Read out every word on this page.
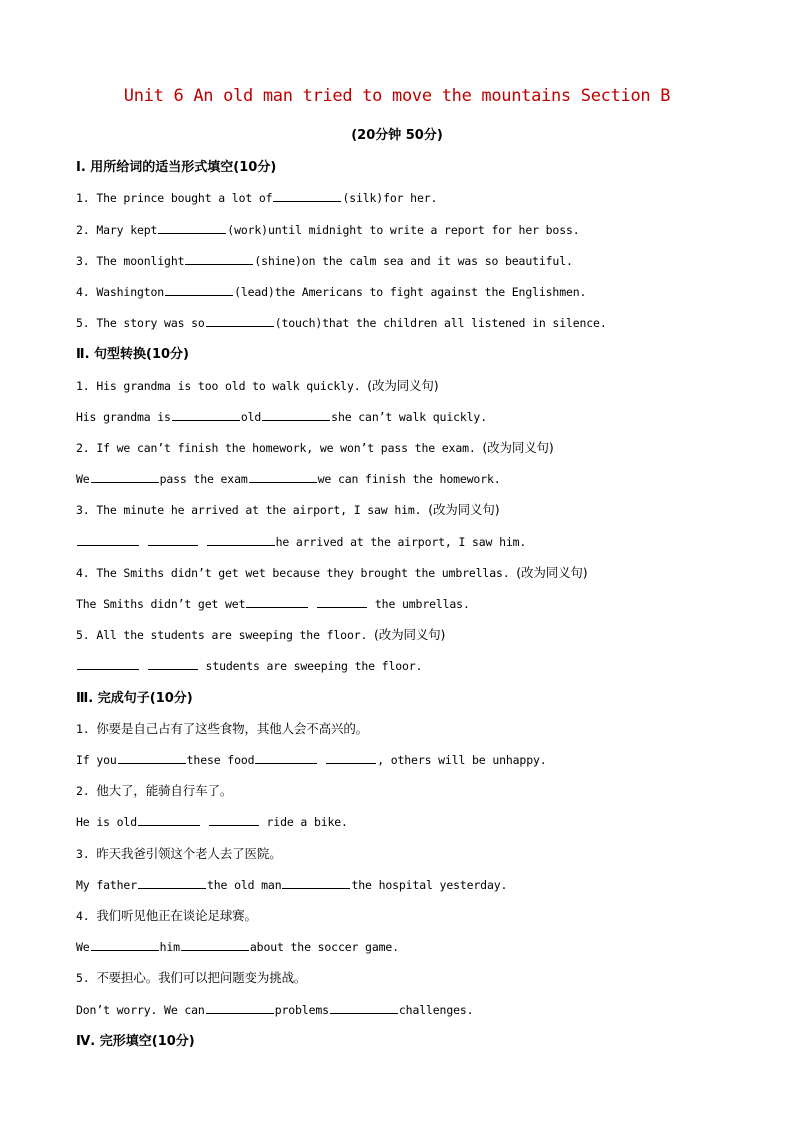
Unit 6 An old man tried to move the mountains Section B
(20分钟 50分)
Ⅰ. 用所给词的适当形式填空(10分)
1. The prince bought a lot of	(silk)for her.
2. Mary kept	(work)until midnight to write a report for her boss.
3. The moonlight	(shine)on the calm sea and it was so beautiful.
4. Washington	(lead)the Americans to fight against the Englishmen.
5. The story was so	(touch)that the children all listened in silence.
Ⅱ. 句型转换(10分)
1. His grandma is too old to walk quickly. (改为同义句)
His grandma is	old	she can’t walk quickly.
2. If we can’t finish the homework, we won’t pass the exam. (改为同义句)
We	pass the exam	we can finish the homework.
3. The minute he arrived at the airport, I saw him. (改为同义句)
he arrived at the airport, I saw him.
4. The Smiths didn’t get wet because they brought the umbrellas. (改为同义句)
The Smiths didn’t get wet	the umbrellas.
5. All the students are sweeping the floor. (改为同义句)
students are sweeping the floor.
Ⅲ. 完成句子(10分)
1. 你要是自己占有了这些食物，其他人会不高兴的。
If you	these food	, others will be unhappy.
2. 他大了，能骑自行车了。
He is old	ride a bike.
3. 昨天我爸引领这个老人去了医院。
My father	the old man	the hospital yesterday.
4. 我们听见他正在谈论足球赛。
We	him	about the soccer game.
5. 不要担心。我们可以把问题变为挑战。
Don’t worry. We can	problems	challenges.
Ⅳ. 完形填空(10分)
